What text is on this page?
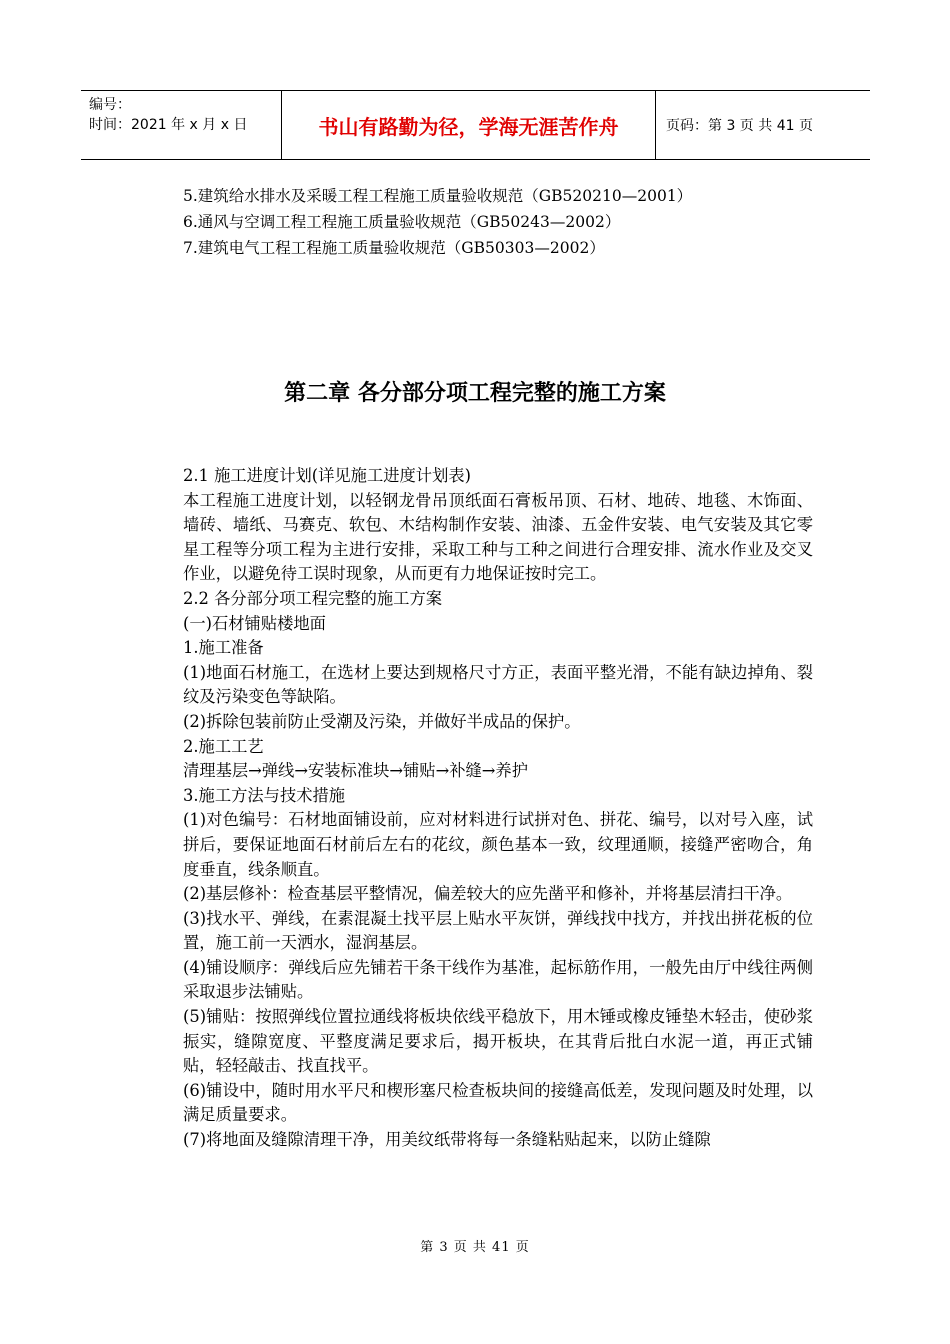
编号：
时间：2021 年 x 月 x 日	书山有路勤为径，学海无涯苦作舟	页码：第 3 页 共 41 页
5.建筑给水排水及采暖工程工程施工质量验收规范（GB520210—2001）
6.通风与空调工程工程施工质量验收规范（GB50243—2002）
7.建筑电气工程工程施工质量验收规范（GB50303—2002）
第二章 各分部分项工程完整的施工方案
2.1 施工进度计划(详见施工进度计划表)
本工程施工进度计划，以轻钢龙骨吊顶纸面石膏板吊顶、石材、地砖、地毯、木饰面、墙砖、墙纸、马赛克、软包、木结构制作安装、油漆、五金件安装、电气安装及其它零星工程等分项工程为主进行安排，采取工种与工种之间进行合理安排、流水作业及交叉作业，以避免待工误时现象，从而更有力地保证按时完工。
2.2 各分部分项工程完整的施工方案
(一)石材铺贴楼地面
1.施工准备
(1)地面石材施工，在选材上要达到规格尺寸方正，表面平整光滑，不能有缺边掉角、裂纹及污染变色等缺陷。
(2)拆除包装前防止受潮及污染，并做好半成品的保护。
2.施工工艺
清理基层→弹线→安装标准块→铺贴→补缝→养护
3.施工方法与技术措施
(1)对色编号：石材地面铺设前，应对材料进行试拼对色、拼花、编号，以对号入座，试拼后，要保证地面石材前后左右的花纹，颜色基本一致，纹理通顺，接缝严密吻合，角度垂直，线条顺直。
(2)基层修补：检查基层平整情况，偏差较大的应先凿平和修补，并将基层清扫干净。
(3)找水平、弹线，在素混凝土找平层上贴水平灰饼，弹线找中找方，并找出拼花板的位置，施工前一天洒水，湿润基层。
(4)铺设顺序：弹线后应先铺若干条干线作为基准，起标筋作用，一般先由厅中线往两侧采取退步法铺贴。
(5)铺贴：按照弹线位置拉通线将板块依线平稳放下，用木锤或橡皮锤垫木轻击，使砂浆振实，缝隙宽度、平整度满足要求后，揭开板块，在其背后批白水泥一道，再正式铺贴，轻轻敲击、找直找平。
(6)铺设中，随时用水平尺和楔形塞尺检查板块间的接缝高低差，发现问题及时处理，以满足质量要求。
(7)将地面及缝隙清理干净，用美纹纸带将每一条缝粘贴起来，以防止缝隙
第 3 页 共 41 页
